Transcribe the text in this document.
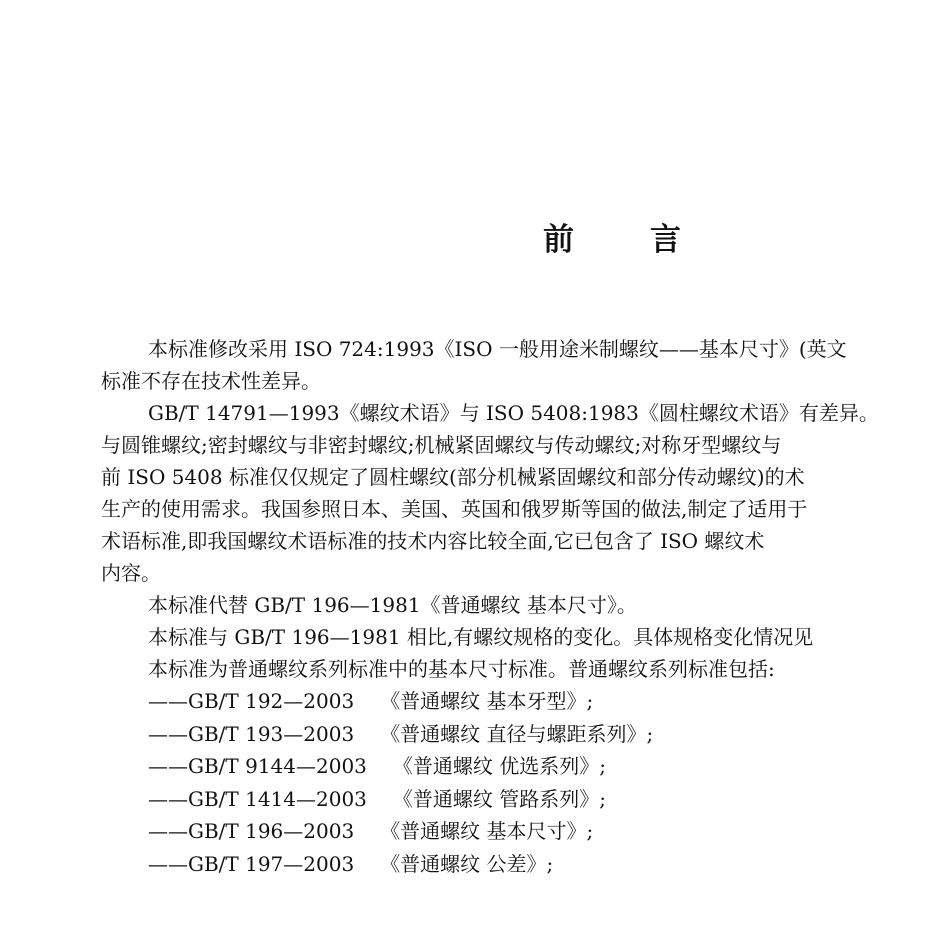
前言
本标准修改采用 ISO 724:1993《ISO 一般用途米制螺纹——基本尺寸》(英文
标准不存在技术性差异。
GB/T 14791—1993《螺纹术语》与 ISO 5408:1983《圆柱螺纹术语》有差异。
与圆锥螺纹;密封螺纹与非密封螺纹;机械紧固螺纹与传动螺纹;对称牙型螺纹与
前 ISO 5408 标准仅仅规定了圆柱螺纹(部分机械紧固螺纹和部分传动螺纹)的术
生产的使用需求。我国参照日本、美国、英国和俄罗斯等国的做法,制定了适用于
术语标准,即我国螺纹术语标准的技术内容比较全面,它已包含了 ISO 螺纹术
内容。
本标准代替 GB/T 196—1981《普通螺纹 基本尺寸》。
本标准与 GB/T 196—1981 相比,有螺纹规格的变化。具体规格变化情况见
本标准为普通螺纹系列标准中的基本尺寸标准。普通螺纹系列标准包括:
——GB/T 192—2003 《普通螺纹 基本牙型》;
——GB/T 193—2003 《普通螺纹 直径与螺距系列》;
——GB/T 9144—2003 《普通螺纹 优选系列》;
——GB/T 1414—2003 《普通螺纹 管路系列》;
——GB/T 196—2003 《普通螺纹 基本尺寸》;
——GB/T 197—2003 《普通螺纹 公差》;
